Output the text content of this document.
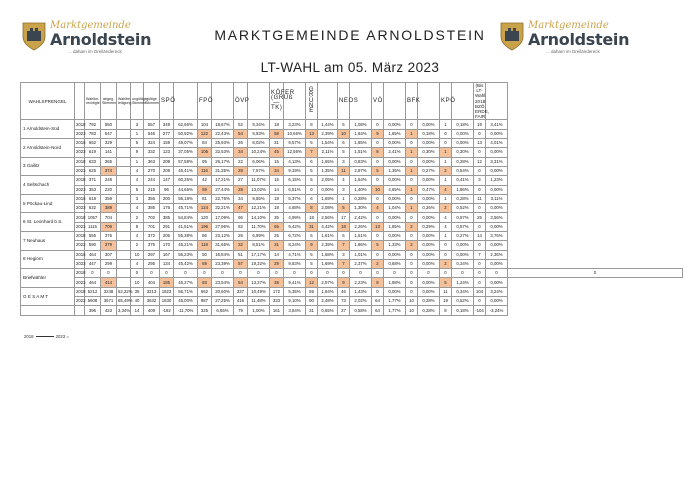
Marktgemeinde
Arnoldstein
... daham im Dreiländereck
Marktgemeinde
Arnoldstein
... daham im Dreiländereck
MARKTGEMEINDE ARNOLDSTEIN
LT-WAHL am 05. März 2023
WAHLSPRENGEL		Wahlbe-rechtigte	abgeg. Stimmen	Wahlbe-teiligung	ungültige Stimmen	gültige Stimmen	SPÖ		FPÖ		ÖVP		KÖFER (GRÜß —TK)		G R Ü N E		NEOS		VÖ		BFK		KPÖ		(Bis LT-Wahl 2018: BZÖ, ERDE, FAIR		
1 Arnoldstein-Süd	2018	792	550		3	557	349	62,66%	104	18,67%	52	9,34%	18	3,23%	8	1,44%	6	1,08%	0	0,00%	0	0,00%	1	0,18%	19	3,41%	
	2023	783	547		1	546	277	50,92%	122	22,43%	54	9,93%	58	10,66%	13	2,39%	10	1,84%	9	1,65%	1	0,18%	0	0,00%	0	0,00%	
2 Arnoldstein-Nord	2018	652	329		5	324	159	49,07%	84	25,93%	26	8,02%	31	9,57%	5	1,54%	6	1,85%	0	0,00%	0	0,00%	0	0,00%	13	4,01%	
	2023	619	141		9	332	123	37,05%	106	32,53%	34	10,24%	45	12,56%	7	2,11%	5	1,51%	8	2,41%	1	0,30%	1	0,30%	0	0,00%	
3 Gailitz	2018	633	365		1	363	209	57,58%	95	26,17%	22	6,06%	15	4,13%	6	1,65%	3	0,83%	0	0,00%	0	0,00%	1	0,28%	12	3,31%	
	2023	625	374		4	270	208	45,41%	116	31,35%	28	7,57%	34	9,19%	5	1,35%	11	2,97%	5	1,35%	1	0,27%	2	0,54%	0	0,00%	
4 Seltschach	2018	371	248		4	244	147	60,25%	42	17,21%	27	11,07%	15	6,15%	5	2,05%	4	1,64%	0	0,00%	0	0,00%	1	0,41%	3	1,23%	
	2023	353	220		5	215	96	44,65%	59	27,44%	28	13,02%	14	6,51%	0	0,00%	3	1,40%	10	4,65%	1	0,47%	4	1,86%	0	0,00%	
5 Pöckau-Lind	2018	618	359		3	356	200	56,18%	81	22,75%	34	9,55%	19	5,37%	6	1,69%	1	0,28%	0	0,00%	0	0,00%	1	0,28%	11	3,11%	
	2023	632	389		4	385	176	45,71%	124	32,21%	47	12,21%	18	4,68%	8	2,08%	5	1,30%	4	1,04%	1	0,26%	2	0,52%	0	0,00%	
6 St. Leonhard b.S.	2018	1057	704		2	702	385	54,84%	120	17,09%	96	14,10%	35	4,99%	18	2,56%	17	2,42%	0	0,00%	0	0,00%	4	0,57%	25	3,56%	
	2023	1115	709		8	701	291	41,51%	196	27,96%	82	11,70%	65	9,42%	31	4,42%	18	2,26%	13	1,85%	2	0,29%	4	0,57%	0	0,00%	
7 Neuhaus	2018	555	376		4	372	206	55,38%	86	23,12%	26	6,99%	25	6,72%	6	1,61%	6	1,61%	0	0,00%	0	0,00%	1	0,27%	14	3,76%	
	2023	590	379		2	376	170	45,21%	119	31,65%	32	8,51%	31	8,24%	9	2,39%	7	1,86%	5	1,33%	2	0,00%	0	0,00%	0	0,00%	
8 Hegiorn	2018	464	307		10	297	167	56,23%	50	16,84%	51	17,17%	14	4,71%	5	1,68%	3	1,01%	0	0,00%	0	0,00%	0	0,00%	7	2,36%	
	2023	447	299		4	295	134	45,42%	69	23,39%	57	19,32%	29	9,83%	5	1,69%	7	2,37%	2	0,68%	0	0,00%	2	0,34%	0	0,00%	
Briefwähler	2018	0	0		0	0	0	0	0	0	0	0	0	0	0	0	0	0	0	0	0	0	0	0	0	0	0
	2023	464	414		10	404	185	45,27%	93	23,54%	54	13,37%	38	9,41%	12	2,97%	9	2,23%	8	1,98%	0	0,00%	5	1,24%	0	0,00%	
G E S A M T	2018	5212	3248	62,22%	35	3213	1823	56,71%	662	20,60%	337	10,49%	172	5,35%	59	1,84%	46	1,43%	0	0,00%	0	0,00%	11	0,34%	104	3,24%	
	2023	5608	3671	65,49%	40	3632	1630	45,00%	987	27,25%	416	11,48%	333	9,10%	90	2,48%	73	2,02%	64	1,77%	10	0,28%	19	0,52%	0	0,00%	
		396	423	3,34%	14	409	-192	-11,70%	325	6,65%	79	1,00%	161	3,84%	31	0,65%	27	0,58%	64	1,77%	10	0,28%	8	0,18%	-104	-3,24%	
2018	2023 =
